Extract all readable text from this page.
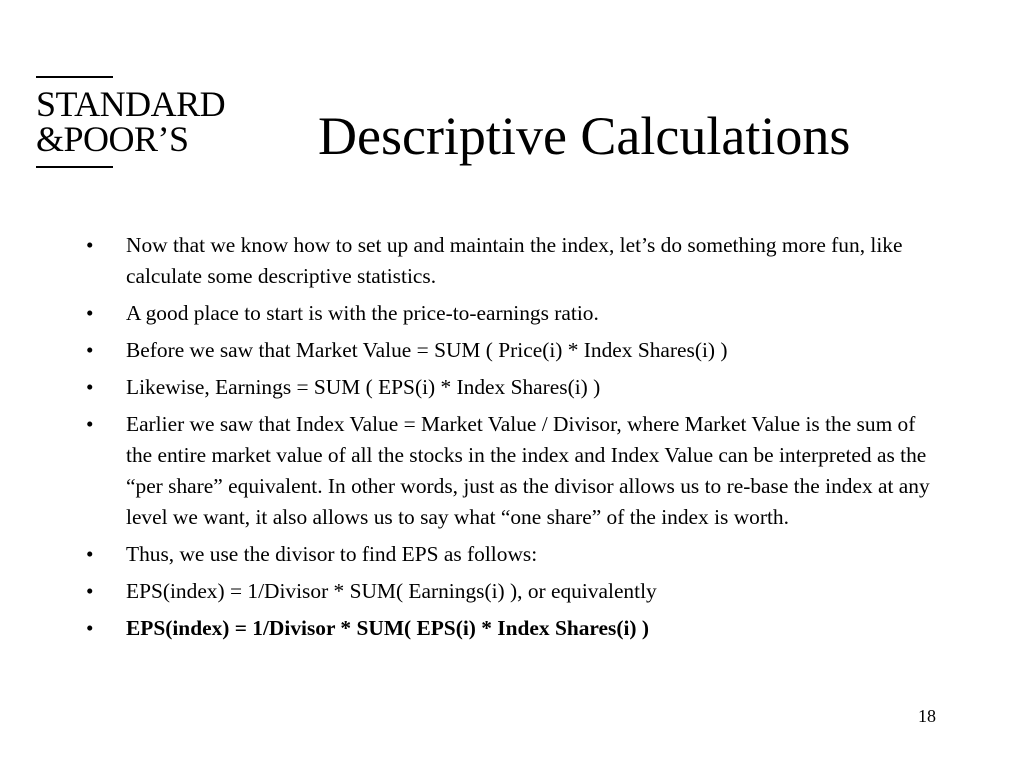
STANDARD
&POOR’S Descriptive Calculations
• Now that we know how to set up and maintain the index, let’s do something more fun, like calculate some descriptive statistics.
• A good place to start is with the price-to-earnings ratio.
• Before we saw that Market Value = SUM ( Price(i) * Index Shares(i) )
• Likewise, Earnings = SUM ( EPS(i) * Index Shares(i) )
• Earlier we saw that Index Value = Market Value / Divisor, where Market Value is the sum of the entire market value of all the stocks in the index and Index Value can be interpreted as the “per share” equivalent. In other words, just as the divisor allows us to re-base the index at any level we want, it also allows us to say what “one share” of the index is worth.
• Thus, we use the divisor to find EPS as follows:
• EPS(index) = 1/Divisor * SUM( Earnings(i) ), or equivalently
• EPS(index) = 1/Divisor * SUM( EPS(i) * Index Shares(i) )
18
